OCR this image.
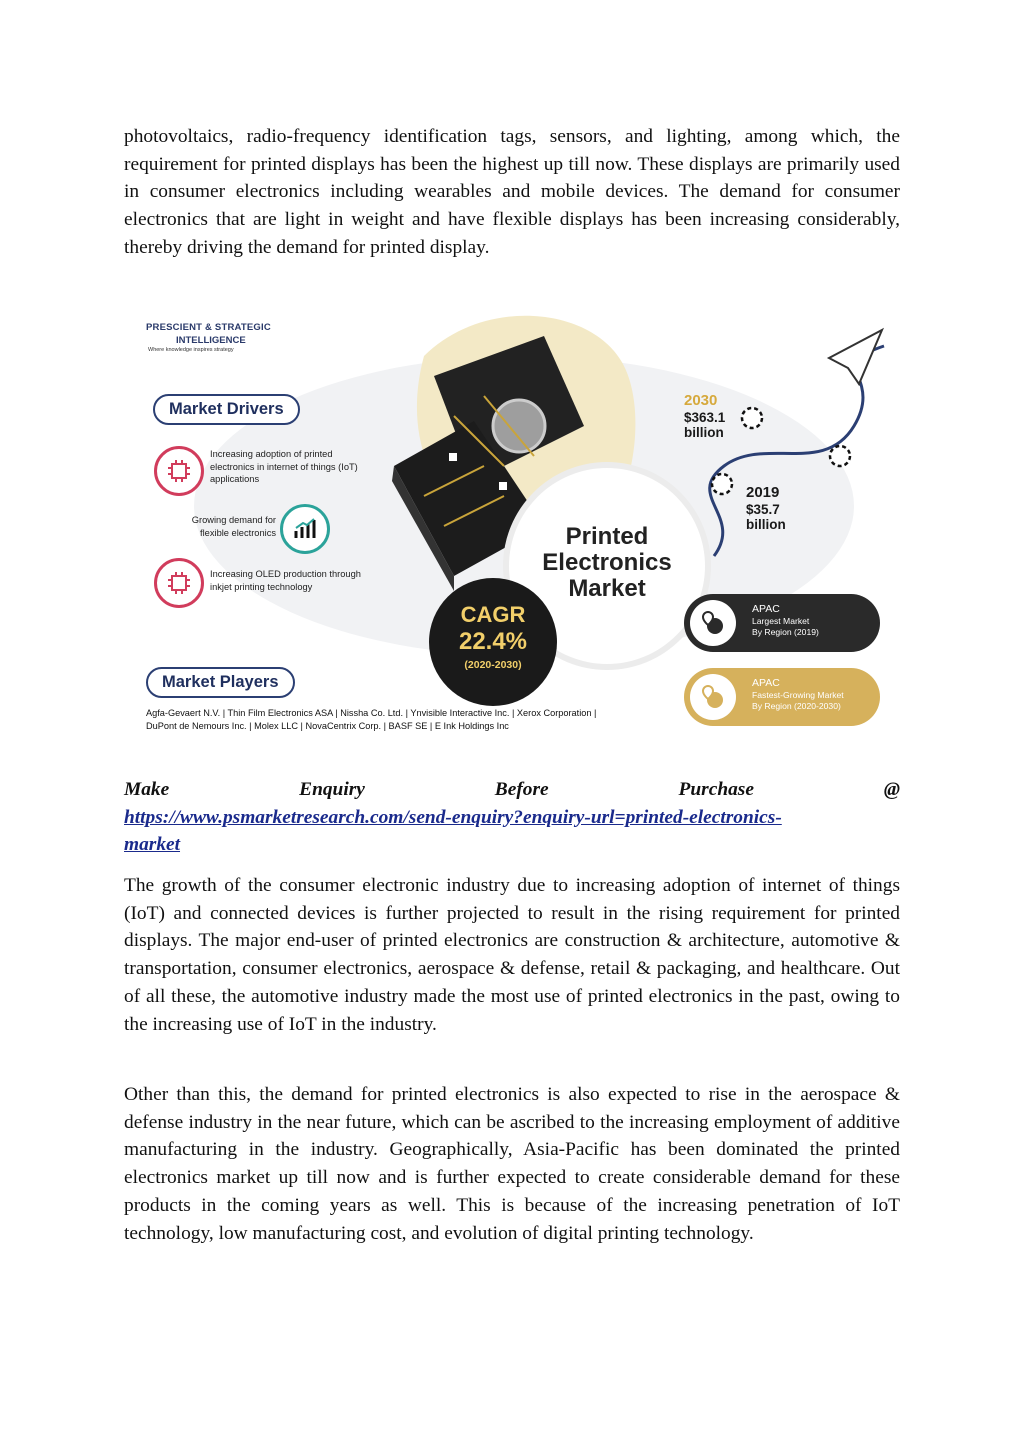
photovoltaics, radio-frequency identification tags, sensors, and lighting, among which, the requirement for printed displays has been the highest up till now. These displays are primarily used in consumer electronics including wearables and mobile devices. The demand for consumer electronics that are light in weight and have flexible displays has been increasing considerably, thereby driving the demand for printed display.

PRESCIENT & STRATEGIC
INTELLIGENCE
Where knowledge inspires strategy
Market Drivers
Increasing adoption of printed electronics in internet of things (IoT) applications
Growing demand for flexible electronics
Increasing OLED production through inkjet printing technology
Printed
Electronics
Market
CAGR
22.4%
(2020-2030)
2030
$363.1
billion
2019
$35.7
billion
APAC
Largest Market
By Region (2019)
APAC
Fastest-Growing Market
By Region (2020-2030)
Market Players
Agfa-Gevaert N.V. | Thin Film Electronics ASA | Nissha Co. Ltd. | Ynvisible Interactive Inc. | Xerox Corporation |
DuPont de Nemours Inc. | Molex LLC | NovaCentrix Corp. | BASF SE | E Ink Holdings Inc
Make	Enquiry	Before	Purchase	@
https://www.psmarketresearch.com/send-enquiry?enquiry-url=printed-electronics-
market

The growth of the consumer electronic industry due to increasing adoption of internet of things (IoT) and connected devices is further projected to result in the rising requirement for printed displays. The major end-user of printed electronics are construction & architecture, automotive & transportation, consumer electronics, aerospace & defense, retail & packaging, and healthcare. Out of all these, the automotive industry made the most use of printed electronics in the past, owing to the increasing use of IoT in the industry.

Other than this, the demand for printed electronics is also expected to rise in the aerospace & defense industry in the near future, which can be ascribed to the increasing employment of additive manufacturing in the industry. Geographically, Asia-Pacific has been dominated the printed electronics market up till now and is further expected to create considerable demand for these products in the coming years as well. This is because of the increasing penetration of IoT technology, low manufacturing cost, and evolution of digital printing technology.
